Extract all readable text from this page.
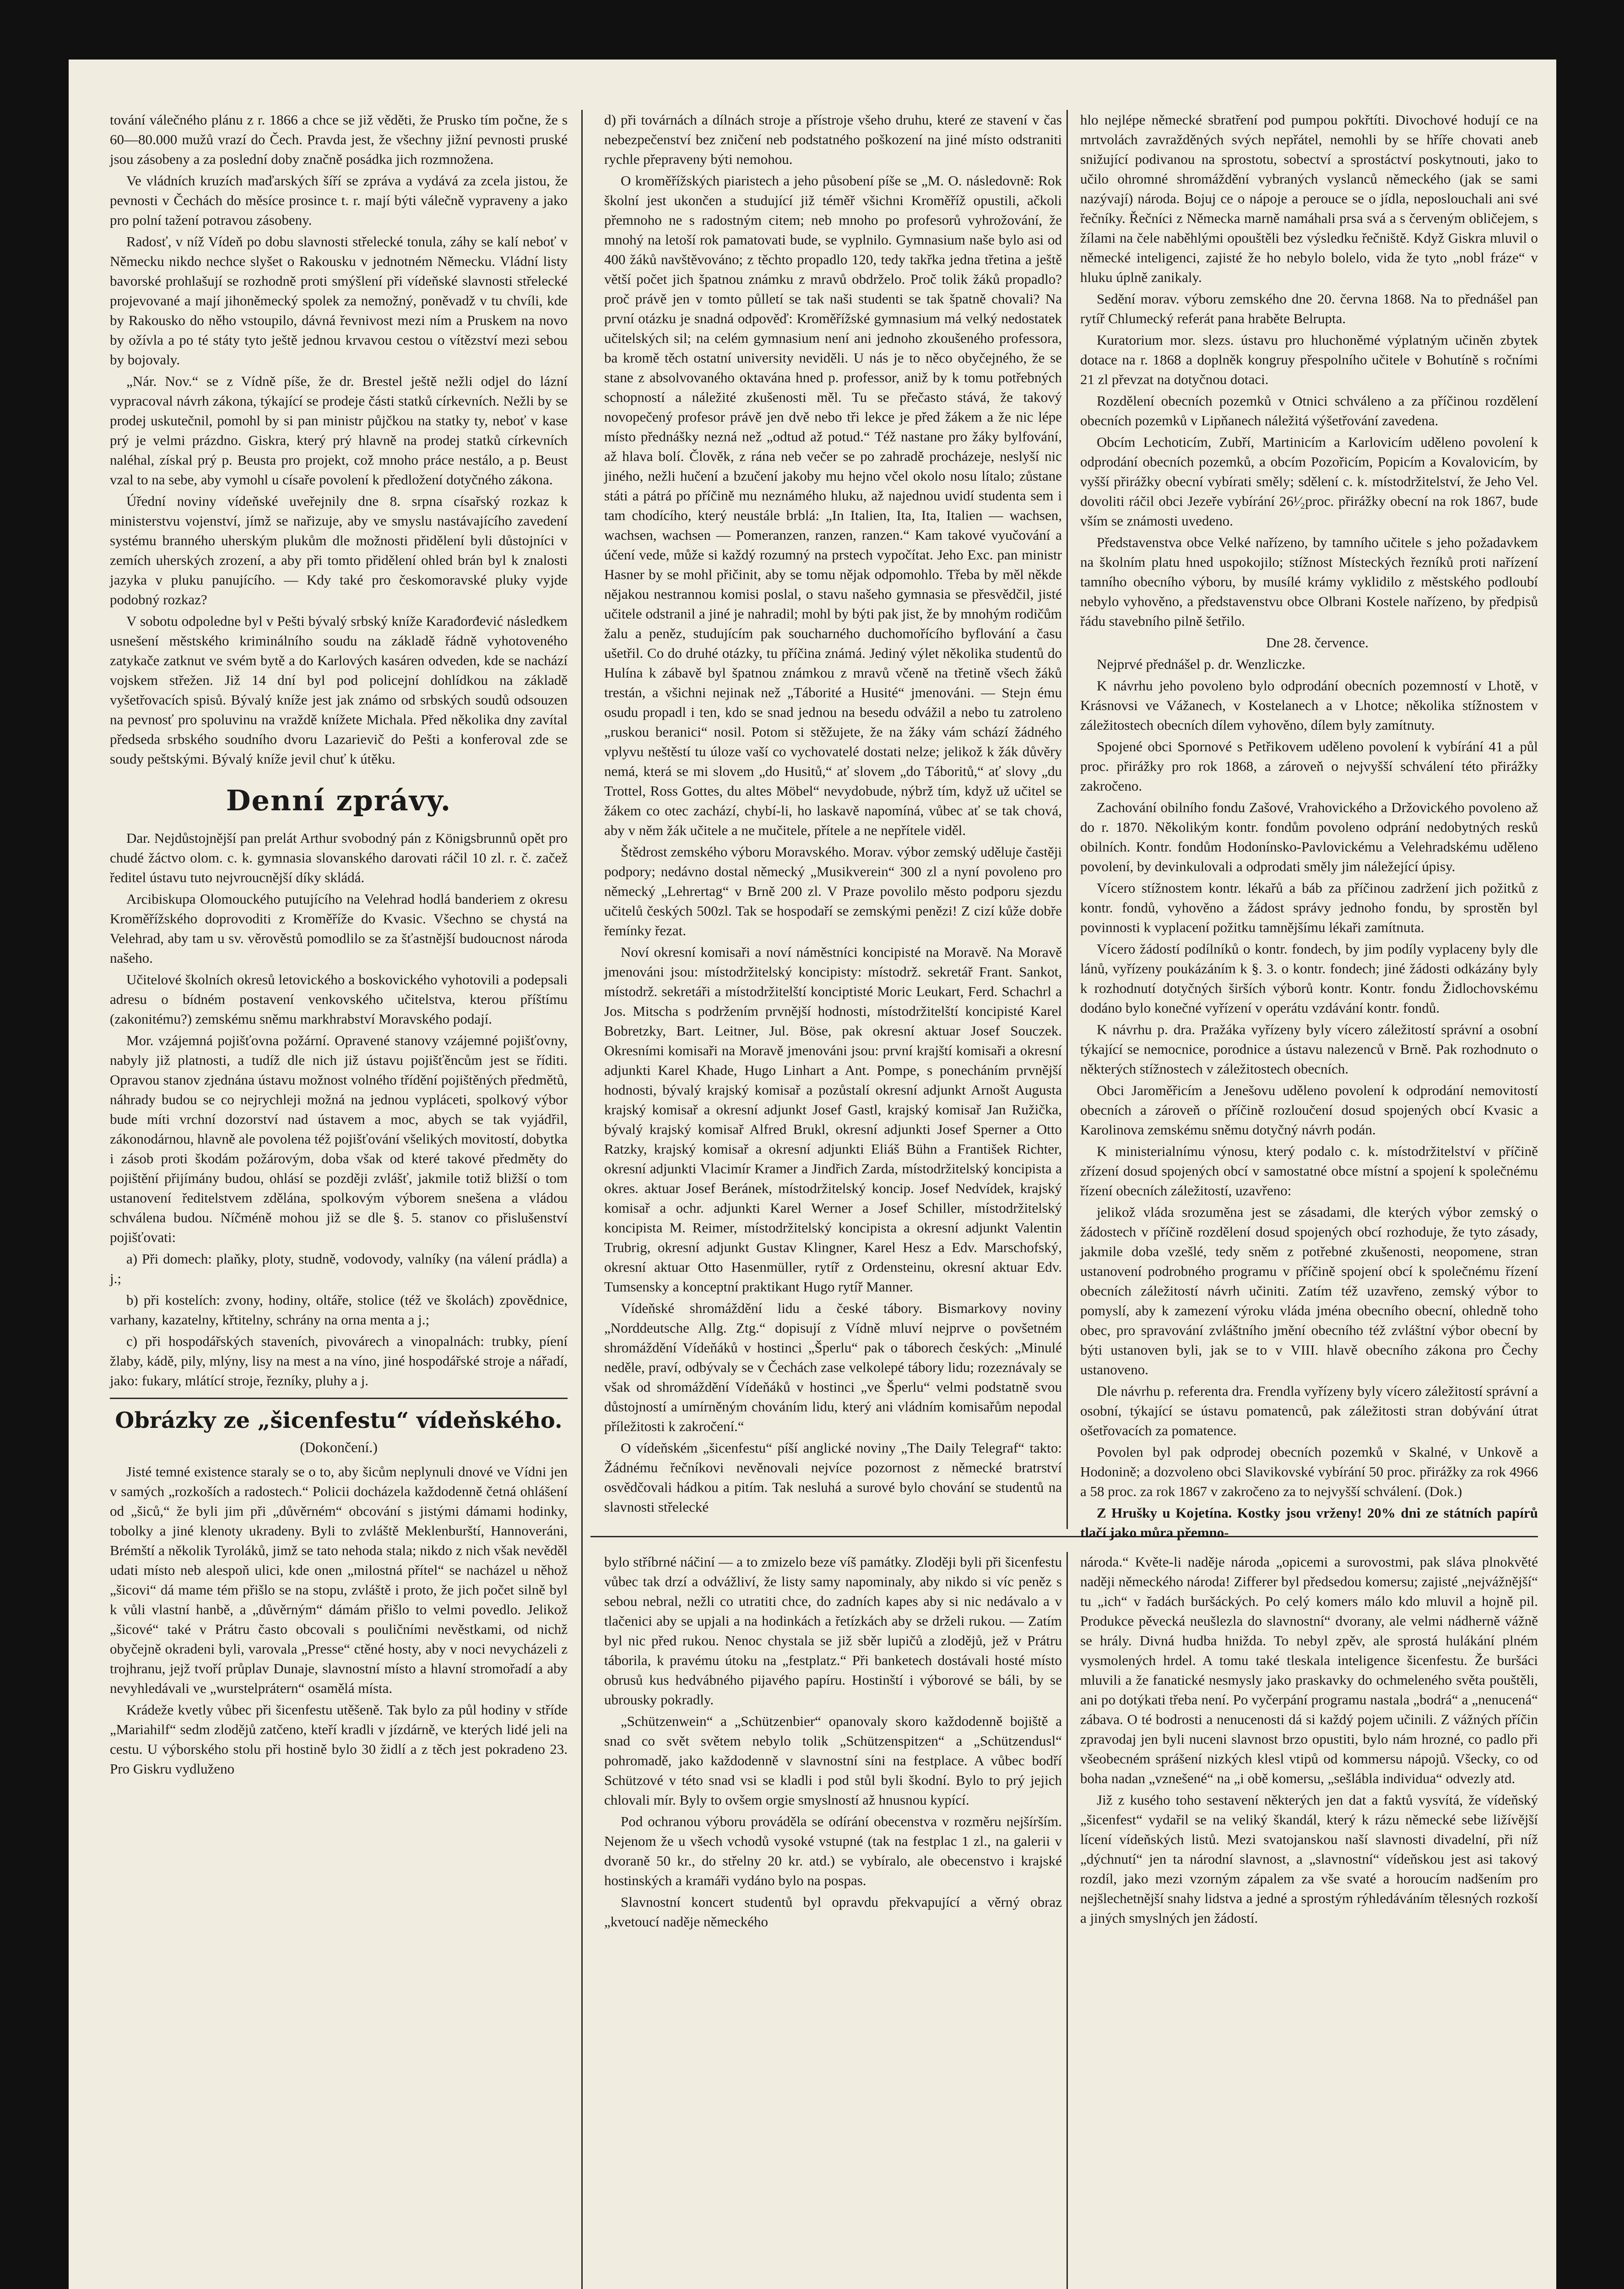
tování válečného plánu z r. 1866 a chce se již věděti, že Prusko tím počne, že s 60—80.000 mužů vrazí do Čech. Pravda jest, že všechny jižní pevnosti pruské jsou zásobeny a za poslední doby značně posádka jich rozmnožena.

Ve vládních kruzích maďarských šíří se zpráva a vydává za zcela jistou, že pevnosti v Čechách do měsíce prosince t. r. mají býti válečně vypraveny a jako pro polní tažení potravou zásobeny.

Radosť, v níž Vídeň po dobu slavnosti střelecké tonula, záhy se kalí neboť v Německu nikdo nechce slyšet o Rakousku v jednotném Německu. Vládní listy bavorské prohlašují se rozhodně proti smýšlení při vídeňské slavnosti střelecké projevované a mají jihoněmecký spolek za nemožný, poněvadž v tu chvíli, kde by Rakousko do něho vstoupilo, dávná řevnivost mezi ním a Pruskem na novo by ožívla a po té státy tyto ještě jednou krvavou cestou o vítězství mezi sebou by bojovaly.

„Nár. Nov.“ se z Vídně píše, že dr. Brestel ještě nežli odjel do lázní vypracoval návrh zákona, týkající se prodeje části statků církevních. Nežli by se prodej uskutečnil, pomohl by si pan ministr půjčkou na statky ty, neboť v kase prý je velmi prázdno. Giskra, který prý hlavně na prodej statků církevních naléhal, získal prý p. Beusta pro projekt, což mnoho práce nestálo, a p. Beust vzal to na sebe, aby vymohl u císaře povolení k předložení dotyčného zákona.

Úřední noviny vídeňské uveřejnily dne 8. srpna císařský rozkaz k ministerstvu vojenství, jímž se nařizuje, aby ve smyslu nastávajícího zavedení systému branného uherským plukům dle možnosti přidělení byli důstojníci v zemích uherských zrození, a aby při tomto přidělení ohled brán byl k znalosti jazyka v pluku panujícího. — Kdy také pro českomoravské pluky vyjde podobný rozkaz?

V sobotu odpoledne byl v Pešti bývalý srbský kníže Karađorđević následkem usnešení městského kriminálního soudu na základě řádně vyhotoveného zatykače zatknut ve svém bytě a do Karlových kasáren odveden, kde se nachází vojskem střežen. Již 14 dní byl pod policejní dohlídkou na základě vyšetřovacích spisů. Bývalý kníže jest jak známo od srbských soudů odsouzen na pevnosť pro spoluvinu na vraždě knížete Michala. Před několika dny zavítal předseda srbského soudního dvoru Lazarievič do Pešti a konferoval zde se soudy peštskými. Bývalý kníže jevil chuť k útěku.

Denní zprávy.

Dar. Nejdůstojnější pan prelát Arthur svobodný pán z Königsbrunnů opět pro chudé žáctvo olom. c. k. gymnasia slovanského darovati ráčil 10 zl. r. č. začež ředitel ústavu tuto nejvroucnější díky skládá.

Arcibiskupa Olomouckého putujícího na Velehrad hodlá banderiem z okresu Kroměřížského doprovoditi z Kroměříže do Kvasic. Všechno se chystá na Velehrad, aby tam u sv. věrověstů pomodlilo se za šťastnější budoucnost národa našeho.

Učitelové školních okresů letovického a boskovického vyhotovili a podepsali adresu o bídném postavení venkovského učitelstva, kterou příštímu (zakonitému?) zemskému sněmu markhrabství Moravského podají.

Mor. vzájemná pojišťovna požární. Opravené stanovy vzájemné pojišťovny, nabyly již platnosti, a tudíž dle nich již ústavu pojišťěncům jest se říditi. Opravou stanov zjednána ústavu možnost volného třídění pojištěných předmětů, náhrady budou se co nejrychleji možná na jednou vypláceti, spolkový výbor bude míti vrchní dozorství nad ústavem a moc, abych se tak vyjádřil, zákonodárnou, hlavně ale povolena též pojišťování všelikých movitostí, dobytka i zásob proti škodám požárovým, doba však od které takové předměty do pojištění přijímány budou, ohlásí se později zvlášť, jakmile totiž bližší o tom ustanovení ředitelstvem zdělána, spolkovým výborem snešena a vládou schválena budou. Níčméně mohou již se dle §. 5. stanov co přislušenství pojišťovati:

a) Při domech: plaňky, ploty, studně, vodovody, valníky (na válení prádla) a j.;

b) při kostelích: zvony, hodiny, oltáře, stolice (též ve školách) zpovědnice, varhany, kazatelny, křtitelny, schrány na orna menta a j.;

c) při hospodářských staveních, pivovárech a vinopalnách: trubky, píení žlaby, kádě, pily, mlýny, lisy na mest a na víno, jiné hospodářské stroje a nářadí, jako: fukary, mlátící stroje, řezníky, pluhy a j.

Obrázky ze „šicenfestu“ vídeňského.
(Dokončení.)

Jisté temné existence staraly se o to, aby šicům neplynuli dnové ve Vídni jen v samých „rozkoších a radostech.“ Policii docházela každodenně četná ohlášení od „šiců,“ že byli jim při „důvěrném“ obcování s jistými dámami hodinky, tobolky a jiné klenoty ukradeny. Byli to zvláště Meklenburští, Hannoveráni, Brémští a několik Tyroláků, jimž se tato nehoda stala; nikdo z nich však nevěděl udati místo neb alespoň ulici, kde onen „milostná přítel“ se nacházel u něhož „šicovi“ dá mame tém přišlo se na stopu, zvláště i proto, že jich počet silně byl k vůli vlastní hanbě, a „důvěrným“ dámám přišlo to velmi povedlo. Jelikož „šicové“ také v Prátru často obcovali s pouličními nevěstkami, od nichž obyčejně okradeni byli, varovala „Presse“ ctěné hosty, aby v noci nevycházeli z trojhranu, jejž tvoří průplav Dunaje, slavnostní místo a hlavní stromořadí a aby nevyhledávali ve „wurstelprátern“ osamělá místa.

Krádeže kvetly vůbec při šicenfestu utěšeně. Tak bylo za půl hodiny v stříde „Mariahilf“ sedm zlodějů zatčeno, kteří kradli v jízdárně, ve kterých lidé jeli na cestu. U výborského stolu při hostině bylo 30 židlí a z těch jest pokradeno 23. Pro Giskru vydluženo

d) při továrnách a dílnách stroje a přístroje všeho druhu, které ze stavení v čas nebezpečenství bez zničení neb podstatného poškození na jiné místo odstraniti rychle přepraveny býti nemohou.

O kroměřížských piaristech a jeho působení píše se „M. O. následovně: Rok školní jest ukončen a studující již téměř všichni Kroměříž opustili, ačkoli přemnoho ne s radostným citem; neb mnoho po profesorů vyhrožování, že mnohý na letoší rok pamatovati bude, se vyplnilo. Gymnasium naše bylo asi od 400 žáků navštěvováno; z těchto propadlo 120, tedy takřka jedna třetina a ještě větší počet jich špatnou známku z mravů obdrželo. Proč tolik žáků propadlo? proč právě jen v tomto půlletí se tak naši studenti se tak špatně chovali? Na první otázku je snadná odpověď: Kroměřížské gymnasium má velký nedostatek učitelských sil; na celém gymnasium není ani jednoho zkoušeného professora, ba kromě těch ostatní university neviděli. U nás je to něco obyčejného, že se stane z absolvovaného oktavána hned p. professor, aniž by k tomu potřebných schopností a náležité zkušenosti měl. Tu se přečasto stává, že takový novopečený profesor právě jen dvě nebo tři lekce je před žákem a že nic lépe místo přednášky nezná než „odtud až potud.“ Též nastane pro žáky bylfování, až hlava bolí. Člověk, z rána neb večer se po zahradě procházeje, neslyší nic jiného, nežli hučení a bzučení jakoby mu hejno včel okolo nosu lítalo; zůstane státi a pátrá po příčině mu neznámého hluku, až najednou uvidí studenta sem i tam chodícího, který neustále brblá: „In Italien, Ita, Ita, Italien — wachsen, wachsen, wachsen — Pomeranzen, ranzen, ranzen.“ Kam takové vyučování a účení vede, může si každý rozumný na prstech vypočítat. Jeho Exc. pan ministr Hasner by se mohl přičinit, aby se tomu nějak odpomohlo. Třeba by měl někde nějakou nestrannou komisi poslal, o stavu našeho gymnasia se přesvědčil, jisté učitele odstranil a jiné je nahradil; mohl by býti pak jist, že by mnohým rodičům žalu a peněz, studujícím pak soucharného duchomořícího byflování a času ušetřil. Co do druhé otázky, tu příčina známá. Jediný výlet několika studentů do Hulína k zábavě byl špatnou známkou z mravů včeně na třetině všech žáků trestán, a všichni nejinak než „Táborité a Husité“ jmenováni. — Stejn ému osudu propadl i ten, kdo se snad jednou na besedu odvážil a nebo tu zatroleno „ruskou beranici“ nosil. Potom si stěžujete, že na žáky vám schází žádného vplyvu neštěstí tu úloze vaší co vychovatelé dostati nelze; jelikož k žák důvěry nemá, která se mi slovem „do Husitů,“ ať slovem „do Táboritů,“ ať slovy „du Trottel, Ross Gottes, du altes Möbel“ nevydobude, nýbrž tím, když už učitel se žákem co otec zachází, chybí-li, ho laskavě napomíná, vůbec ať se tak chová, aby v něm žák učitele a ne mučitele, přítele a ne nepřítele viděl.

Štědrost zemského výboru Moravského. Morav. výbor zemský uděluje častěji podpory; nedávno dostal německý „Musikverein“ 300 zl a nyní povoleno pro německý „Lehrertag“ v Brně 200 zl. V Praze povolilo město podporu sjezdu učitelů českých 500zl. Tak se hospodaří se zemskými penězi! Z cizí kůže dobře řemínky řezat.

Noví okresní komisaři a noví náměstníci koncipisté na Moravě. Na Moravě jmenováni jsou: místodržitelský koncipisty: místodrž. sekretář Frant. Sankot, místodrž. sekretáři a místodržitelští konciptisté Moric Leukart, Ferd. Schachrl a Jos. Mitscha s podržením prvnější hodnosti, místodržitelští koncipisté Karel Bobretzky, Bart. Leitner, Jul. Böse, pak okresní aktuar Josef Souczek. Okresními komisaři na Moravě jmenováni jsou: první krajští komisaři a okresní adjunkti Karel Khade, Hugo Linhart a Ant. Pompe, s ponecháním prvnější hodnosti, bývalý krajský komisař a pozůstalí okresní adjunkt Arnošt Augusta krajský komisař a okresní adjunkt Josef Gastl, krajský komisař Jan Ružička, bývalý krajský komisař Alfred Brukl, okresní adjunkti Josef Sperner a Otto Ratzky, krajský komisař a okresní adjunkti Eliáš Bühn a František Richter, okresní adjunkti Vlacimír Kramer a Jindřich Zarda, místodržitelský koncipista a okres. aktuar Josef Beránek, místodržitelský koncip. Josef Nedvídek, krajský komisař a ochr. adjunkti Karel Werner a Josef Schiller, místodržitelský koncipista M. Reimer, místodržitelský koncipista a okresní adjunkt Valentin Trubrig, okresní adjunkt Gustav Klingner, Karel Hesz a Edv. Marschofský, okresní aktuar Otto Hasenmüller, rytíř z Ordensteinu, okresní aktuar Edv. Tumsensky a konceptní praktikant Hugo rytíř Manner.

Vídeňské shromáždění lidu a české tábory. Bismarkovy noviny „Norddeutsche Allg. Ztg.“ dopisují z Vídně mluví nejprve o povšetném shromáždění Vídeňáků v hostinci „Šperlu“ pak o táborech českých: „Minulé neděle, praví, odbývaly se v Čechách zase velkolepé tábory lidu; rozeznávaly se však od shromáždění Vídeňáků v hostinci „ve Šperlu“ velmi podstatně svou důstojností a umírněným chováním lidu, který ani vládním komisařům nepodal příležitosti k zakročení.“

O vídeňském „šicenfestu“ píší anglické noviny „The Daily Telegraf“ takto: Žádnému řečníkovi nevěnovali nejvíce pozornost z německé bratrství osvědčovali hádkou a pitím. Tak nesluhá a surové bylo chování se studentů na slavnosti střelecké

hlo nejlépe německé sbratření pod pumpou pokřtíti. Divochové hodují ce na mrtvolách zavražděných svých nepřátel, nemohli by se hříře chovati aneb snižující podivanou na sprostotu, sobectví a sprostáctví poskytnouti, jako to učilo ohromné shromáždění vybraných vyslanců německého (jak se sami nazývají) národa. Bojuj ce o nápoje a perouce se o jídla, neposlouchali ani své řečníky. Řečníci z Německa marně namáhali prsa svá a s červeným obličejem, s žílami na čele naběhlými opouštěli bez výsledku řečniště. Když Giskra mluvil o německé inteligenci, zajisté že ho nebylo bolelo, vida že tyto „nobl fráze“ v hluku úplně zanikaly.

Sedění morav. výboru zemského dne 20. června 1868. Na to přednášel pan rytíř Chlumecký referát pana hraběte Belrupta.

Kuratorium mor. slezs. ústavu pro hluchoněmé výplatným učiněn zbytek dotace na r. 1868 a doplněk kongruy přespolního učitele v Bohutíně s ročními 21 zl převzat na dotyčnou dotaci.

Rozdělení obecních pozemků v Otnici schváleno a za příčinou rozdělení obecních pozemků v Lipňanech náležitá výšetřování zavedena.

Obcím Lechoticím, Zubří, Martinicím a Karlovicím uděleno povolení k odprodání obecních pozemků, a obcím Pozořicím, Popicím a Kovalovicím, by vyšší přirážky obecní vybírati směly; sdělení c. k. místodržitelství, že Jeho Vel. dovoliti ráčil obci Jezeře vybírání 26¹⁄₂proc. přirážky obecní na rok 1867, bude vším se známosti uvedeno.

Představenstva obce Velké nařízeno, by tamního učitele s jeho požadavkem na školním platu hned uspokojilo; stížnost Místeckých řezníků proti nařízení tamního obecního výboru, by musílé krámy vyklidilo z městského podloubí nebylo vyhověno, a představenstvu obce Olbrani Kostele nařízeno, by předpisů řádu stavebního pilně šetřilo.

Dne 28. července.

Nejprvé přednášel p. dr. Wenzliczke.

K návrhu jeho povoleno bylo odprodání obecních pozemností v Lhotě, v Krásnovsi ve Vážanech, v Kostelanech a v Lhotce; několika stížnostem v záležitostech obecních dílem vyhověno, dílem byly zamítnuty.

Spojené obci Spornové s Petřikovem uděleno povolení k vybírání 41 a půl proc. přirážky pro rok 1868, a zároveň o nejvyšší schválení této přirážky zakročeno.

Zachování obilního fondu Zašové, Vrahovického a Držovického povoleno až do r. 1870. Několikým kontr. fondům povoleno odprání nedobytných resků obilních. Kontr. fondům Hodonínsko-Pavlovickému a Velehradskému uděleno povolení, by devinkulovali a odprodati směly jim náležející úpisy.

Vícero stížnostem kontr. lékařů a báb za příčinou zadržení jich požitků z kontr. fondů, vyhověno a žádost správy jednoho fondu, by sprostěn byl povinnosti k vyplacení požitku tamnějšímu lékaři zamítnuta.

Vícero žádostí podílníků o kontr. fondech, by jim podíly vyplaceny byly dle lánů, vyřízeny poukázáním k §. 3. o kontr. fondech; jiné žádosti odkázány byly k rozhodnutí dotyčných širších výborů kontr. Kontr. fondu Židlochovskému dodáno bylo konečné vyřízení v operátu vzdávání kontr. fondů.

K návrhu p. dra. Pražáka vyřízeny byly vícero záležitostí správní a osobní týkající se nemocnice, porodnice a ústavu nalezenců v Brně. Pak rozhodnuto o některých stížnostech v záležitostech obecních.

Obci Jaroměřicím a Jenešovu uděleno povolení k odprodání nemovitostí obecních a zároveň o příčině rozloučení dosud spojených obcí Kvasic a Karolinova zemskému sněmu dotyčný návrh podán.

K ministerialnímu výnosu, který podalo c. k. místodržitelství v příčině zřízení dosud spojených obcí v samostatné obce místní a spojení k společnému řízení obecních záležitostí, uzavřeno:

jelikož vláda srozuměna jest se zásadami, dle kterých výbor zemský o žádostech v příčině rozdělení dosud spojených obcí rozhoduje, že tyto zásady, jakmile doba vzešlé, tedy sněm z potřebné zkušenosti, neopomene, stran ustanovení podrobného programu v příčině spojení obcí k společnému řízení obecních záležitostí návrh učiniti. Zatím též uzavřeno, zemský výbor to pomyslí, aby k zamezení výroku vláda jména obecního obecní, ohledně toho obec, pro spravování zvláštního jmění obecního též zvláštní výbor obecní by býti ustanoven byli, jak se to v VIII. hlavě obecního zákona pro Čechy ustanoveno.

Dle návrhu p. referenta dra. Frendla vyřízeny byly vícero záležitostí správní a osobní, týkající se ústavu pomatenců, pak záležitosti stran dobývání útrat ošetřovacích za pomatence.

Povolen byl pak odprodej obecních pozemků v Skalné, v Unkově a Hodonině; a dozvoleno obci Slavikovské vybírání 50 proc. přirážky za rok 4966 a 58 proc. za rok 1867 v zakročeno za to nejvyšší schválení. (Dok.)

Z Hrušky u Kojetína. Kostky jsou vrženy! 20% dni ze státních papírů tlačí jako můra přemno-

bylo stříbrné náčiní — a to zmizelo beze víš památky. Zloději byli při šicenfestu vůbec tak drzí a odvážliví, že listy samy napominaly, aby nikdo si víc peněz s sebou nebral, nežli co utratiti chce, do zadních kapes aby si nic nedávalo a v tlačenici aby se upjali a na hodinkách a řetízkách aby se drželi rukou. — Zatím byl nic před rukou. Nenoc chystala se již sběr lupičů a zlodějů, jež v Prátru táborila, k pravému útoku na „festplatz.“ Při banketech dostávali hosté místo obrusů kus hedvábného pijavého papíru. Hostinští i výborové se báli, by se ubrousky pokradly.

„Schützenwein“ a „Schützenbier“ opanovaly skoro každodenně bojiště a snad co svět světem nebylo tolik „Schützenspitzen“ a „Schützendusl“ pohromadě, jako každodenně v slavnostní síni na festplace. A vůbec bodří Schützové v této snad vsi se kladli i pod stůl byli škodní. Bylo to prý jejich chlovali mír. Byly to ovšem orgie smyslností až hnusnou kypící.

Pod ochranou výboru prováděla se odírání obecenstva v rozměru nejšírším. Nejenom že u všech vchodů vysoké vstupné (tak na festplac 1 zl., na galerii v dvoraně 50 kr., do střelny 20 kr. atd.) se vybíralo, ale obecenstvo i krajské hostinských a kramáři vydáno bylo na pospas.

Slavnostní koncert studentů byl opravdu překvapující a věrný obraz „kvetoucí naděje německého

národa.“ Květe-li naděje národa „opicemi a surovostmi, pak sláva plnokvěté naději německého národa! Zifferer byl předsedou komersu; zajisté „nejvážnější“ tu „ich“ v řadách buršáckých. Po celý komers málo kdo mluvil a hojně pil. Produkce pěvecká neušlezla do slavnostní“ dvorany, ale velmi nádherně vážně se hrály. Divná hudba hnižda. To nebyl zpěv, ale sprostá hulákání plném vysmolených hrdel. A tomu také tleskala inteligence šicenfestu. Že buršáci mluvili a že fanatické nesmysly jako praskavky do ochmeleného světa pouštěli, ani po dotýkati třeba není. Po vyčerpání programu nastala „bodrá“ a „nenucená“ zábava. O té bodrosti a nenucenosti dá si každý pojem učinili. Z vážných příčin zpravodaj jen byli nuceni slavnost brzo opustiti, bylo nám hrozné, co padlo při všeobecném sprášení nizkých klesl vtipů od kommersu nápojů. Všecky, co od boha nadan „vznešené“ na „i obě komersu, „sešlábla individua“ odvezly atd.

Již z kusého toho sestavení některých jen dat a faktů vysvítá, že vídeňský „šicenfest“ vydařil se na veliký škandál, který k rázu německé sebe ližívější lícení vídeňských listů. Mezi svatojanskou naší slavnosti divadelní, při níž „dýchnutí“ jen ta národní slavnost, a „slavnostní“ vídeňskou jest asi takový rozdíl, jako mezi vzorným zápalem za vše svaté a horoucím nadšením pro nejšlechetnější snahy lidstva a jedné a sprostým rýhledáváním tělesných rozkoší a jiných smyslných jen žádostí.
